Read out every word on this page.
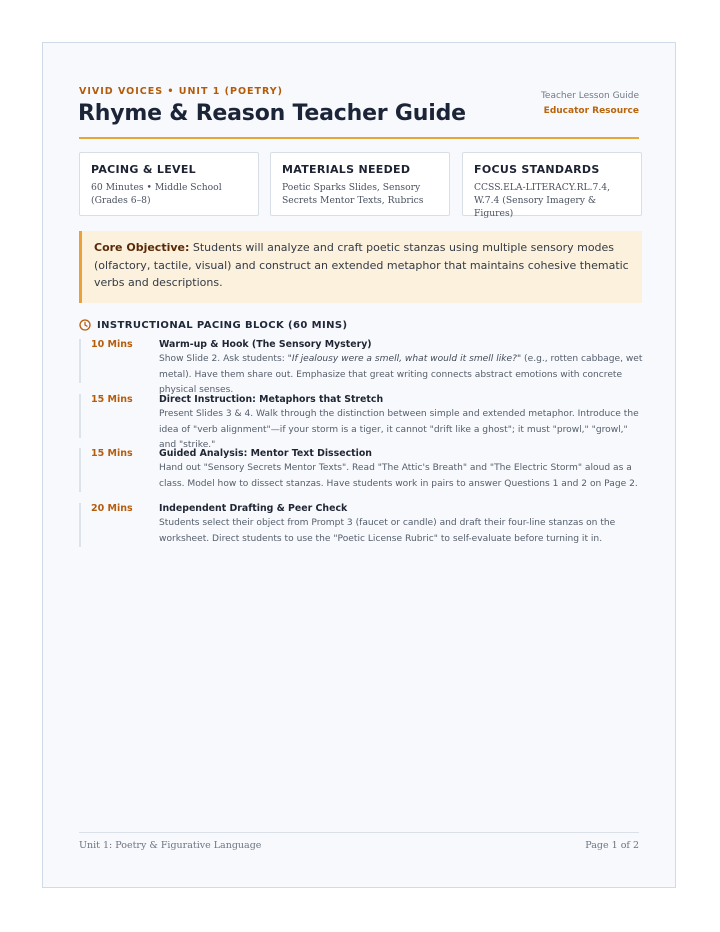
VIVID VOICES • UNIT 1 (POETRY)
Rhyme & Reason Teacher Guide
Teacher Lesson Guide
Educator Resource
PACING & LEVEL

60 Minutes • Middle School (Grades 6–8)

MATERIALS NEEDED

Poetic Sparks Slides, Sensory Secrets Mentor Texts, Rubrics

FOCUS STANDARDS

CCSS.ELA-LITERACY.RL.7.4, W.7.4 (Sensory Imagery & Figures)

Core Objective: Students will analyze and craft poetic stanzas using multiple sensory modes (olfactory, tactile, visual) and construct an extended metaphor that maintains cohesive thematic verbs and descriptions.
INSTRUCTIONAL PACING BLOCK (60 MINS)
10 Mins	Warm-up & Hook (The Sensory Mystery)
Show Slide 2. Ask students: "If jealousy were a smell, what would it smell like?" (e.g., rotten cabbage, wet metal). Have them share out. Emphasize that great writing connects abstract emotions with concrete physical senses.
15 Mins	Direct Instruction: Metaphors that Stretch
Present Slides 3 & 4. Walk through the distinction between simple and extended metaphor. Introduce the idea of "verb alignment"—if your storm is a tiger, it cannot "drift like a ghost"; it must "prowl," "growl," and "strike."
15 Mins	Guided Analysis: Mentor Text Dissection
Hand out "Sensory Secrets Mentor Texts". Read "The Attic's Breath" and "The Electric Storm" aloud as a class. Model how to dissect stanzas. Have students work in pairs to answer Questions 1 and 2 on Page 2.
20 Mins	Independent Drafting & Peer Check
Students select their object from Prompt 3 (faucet or candle) and draft their four-line stanzas on the worksheet. Direct students to use the "Poetic License Rubric" to self-evaluate before turning it in.
Unit 1: Poetry & Figurative Language	Page 1 of 2
